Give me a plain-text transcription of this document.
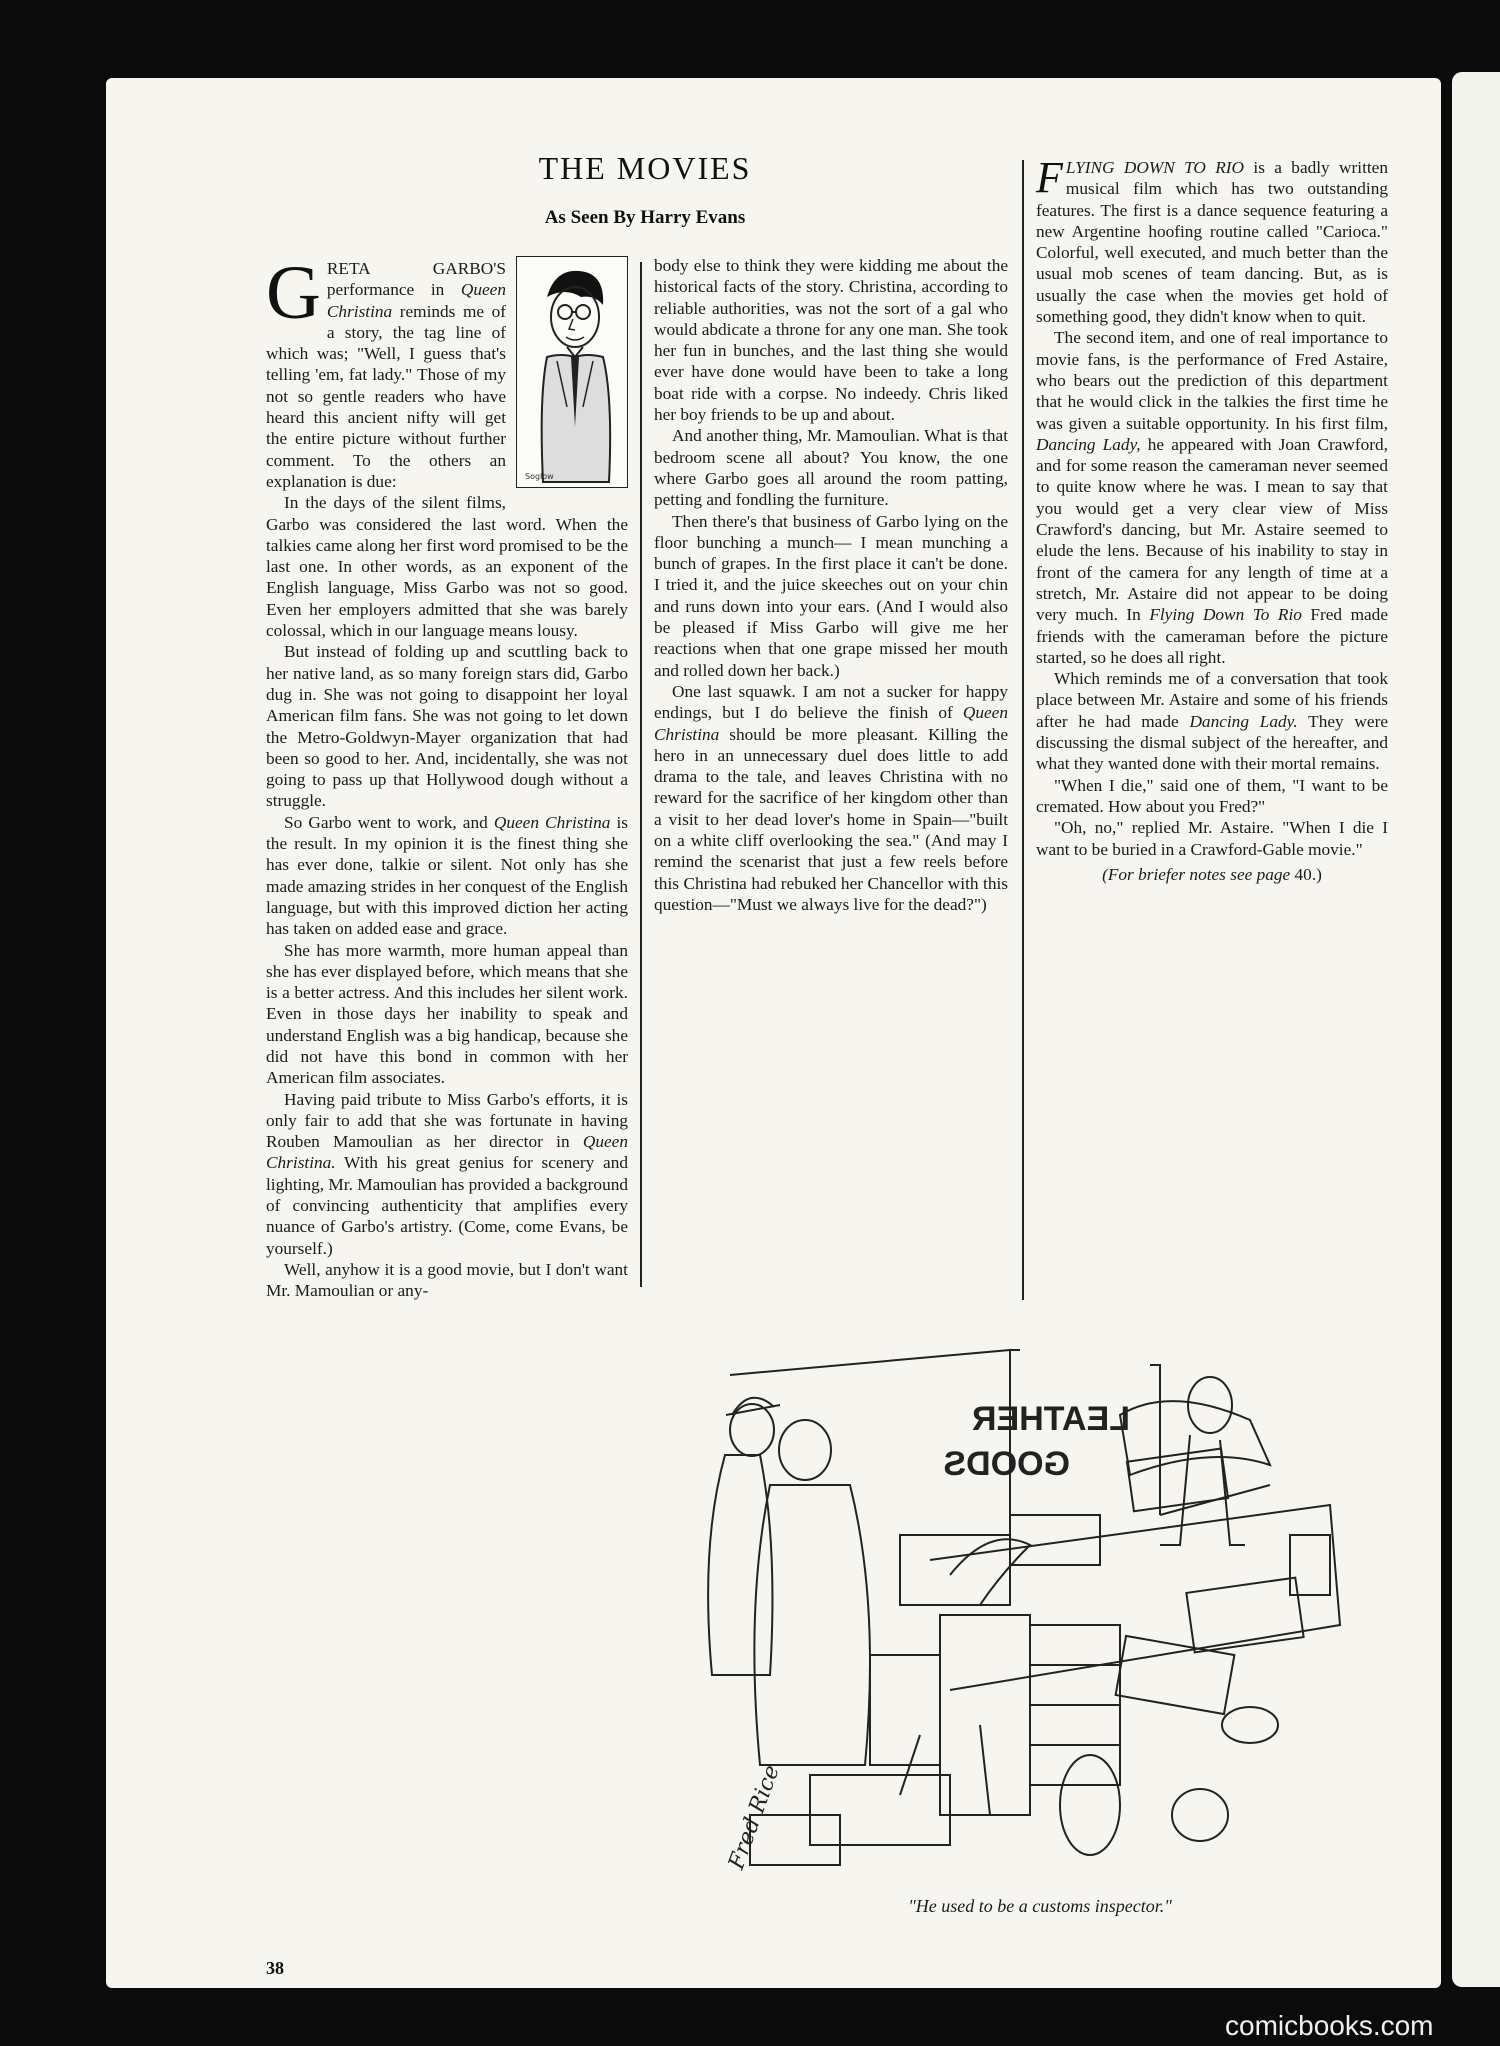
THE MOVIES
As Seen By Harry Evans
Soglow

GRETA GARBO'S performance in Queen Christina reminds me of a story, the tag line of which was; "Well, I guess that's telling 'em, fat lady." Those of my not so gentle readers who have heard this ancient nifty will get the entire picture without further comment. To the others an explanation is due:

In the days of the silent films, Garbo was considered the last word. When the talkies came along her first word promised to be the last one. In other words, as an exponent of the English language, Miss Garbo was not so good. Even her employers admitted that she was barely colossal, which in our language means lousy.

But instead of folding up and scuttling back to her native land, as so many foreign stars did, Garbo dug in. She was not going to disappoint her loyal American film fans. She was not going to let down the Metro-Goldwyn-Mayer organization that had been so good to her. And, incidentally, she was not going to pass up that Hollywood dough without a struggle.

So Garbo went to work, and Queen Christina is the result. In my opinion it is the finest thing she has ever done, talkie or silent. Not only has she made amazing strides in her conquest of the English language, but with this improved diction her acting has taken on added ease and grace.

She has more warmth, more human appeal than she has ever displayed before, which means that she is a better actress. And this includes her silent work. Even in those days her inability to speak and understand English was a big handicap, because she did not have this bond in common with her American film associates.

Having paid tribute to Miss Garbo's efforts, it is only fair to add that she was fortunate in having Rouben Mamoulian as her director in Queen Christina. With his great genius for scenery and lighting, Mr. Mamoulian has provided a background of convincing authenticity that amplifies every nuance of Garbo's artistry. (Come, come Evans, be yourself.)

Well, anyhow it is a good movie, but I don't want Mr. Mamoulian or any-

body else to think they were kidding me about the historical facts of the story. Christina, according to reliable authorities, was not the sort of a gal who would abdicate a throne for any one man. She took her fun in bunches, and the last thing she would ever have done would have been to take a long boat ride with a corpse. No indeedy. Chris liked her boy friends to be up and about.

And another thing, Mr. Mamoulian. What is that bedroom scene all about? You know, the one where Garbo goes all around the room patting, petting and fondling the furniture.

Then there's that business of Garbo lying on the floor bunching a munch— I mean munching a bunch of grapes. In the first place it can't be done. I tried it, and the juice skeeches out on your chin and runs down into your ears. (And I would also be pleased if Miss Garbo will give me her reactions when that one grape missed her mouth and rolled down her back.)

One last squawk. I am not a sucker for happy endings, but I do believe the finish of Queen Christina should be more pleasant. Killing the hero in an unnecessary duel does little to add drama to the tale, and leaves Christina with no reward for the sacrifice of her kingdom other than a visit to her dead lover's home in Spain—"built on a white cliff overlooking the sea." (And may I remind the scenarist that just a few reels before this Christina had rebuked her Chancellor with this question—"Must we always live for the dead?")

FLYING DOWN TO RIO is a badly written musical film which has two outstanding features. The first is a dance sequence featuring a new Argentine hoofing routine called "Carioca." Colorful, well executed, and much better than the usual mob scenes of team dancing. But, as is usually the case when the movies get hold of something good, they didn't know when to quit.

The second item, and one of real importance to movie fans, is the performance of Fred Astaire, who bears out the prediction of this department that he would click in the talkies the first time he was given a suitable opportunity. In his first film, Dancing Lady, he appeared with Joan Crawford, and for some reason the cameraman never seemed to quite know where he was. I mean to say that you would get a very clear view of Miss Crawford's dancing, but Mr. Astaire seemed to elude the lens. Because of his inability to stay in front of the camera for any length of time at a stretch, Mr. Astaire did not appear to be doing very much. In Flying Down To Rio Fred made friends with the cameraman before the picture started, so he does all right.

Which reminds me of a conversation that took place between Mr. Astaire and some of his friends after he had made Dancing Lady. They were discussing the dismal subject of the hereafter, and what they wanted done with their mortal remains.

"When I die," said one of them, "I want to be cremated. How about you Fred?"

"Oh, no," replied Mr. Astaire. "When I die I want to be buried in a Crawford-Gable movie."

(For briefer notes see page 40.)

LEATHER
GOODS
Fred Rice
"He used to be a customs inspector."
38
comicbooks.com
